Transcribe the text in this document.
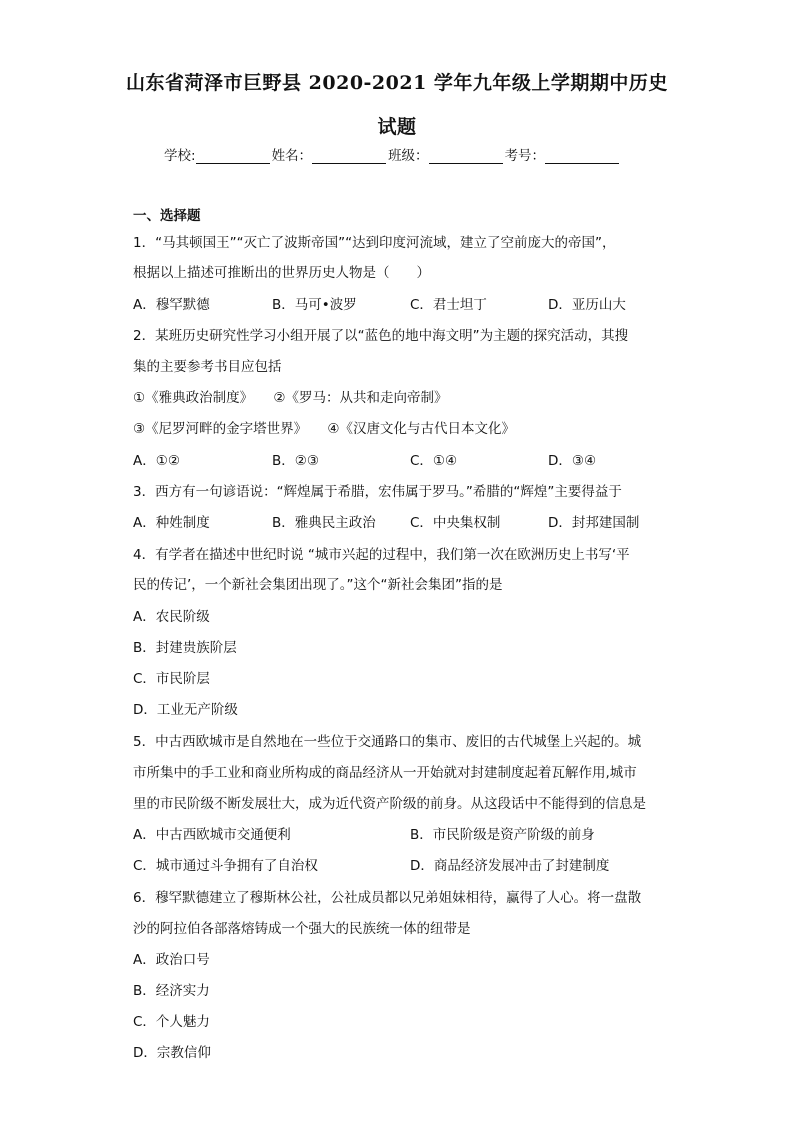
山东省菏泽市巨野县 2020-2021 学年九年级上学期期中历史
试题
学校:	姓名：	班级：	考号：
一、选择题
1．“马其顿国王”“灭亡了波斯帝国”“达到印度河流域，建立了空前庞大的帝国”，
根据以上描述可推断出的世界历史人物是（　　）
A．穆罕默德	B．马可•波罗	C．君士坦丁	D．亚历山大
2．某班历史研究性学习小组开展了以“蓝色的地中海文明”为主题的探究活动，其搜
集的主要参考书目应包括
①《雅典政治制度》　　②《罗马：从共和走向帝制》
③《尼罗河畔的金字塔世界》　　④《汉唐文化与古代日本文化》
A．①②	B．②③	C．①④	D．③④
3．西方有一句谚语说：“辉煌属于希腊，宏伟属于罗马。”希腊的“辉煌”主要得益于
A．种姓制度	B．雅典民主政治	C．中央集权制	D．封邦建国制
4．有学者在描述中世纪时说 “城市兴起的过程中，我们第一次在欧洲历史上书写‘平
民的传记’，一个新社会集团出现了。”这个“新社会集团”指的是
A．农民阶级
B．封建贵族阶层
C．市民阶层
D．工业无产阶级
5．中古西欧城市是自然地在一些位于交通路口的集市、废旧的古代城堡上兴起的。城
市所集中的手工业和商业所构成的商品经济从一开始就对封建制度起着瓦解作用,城市
里的市民阶级不断发展壮大，成为近代资产阶级的前身。从这段话中不能得到的信息是
A．中古西欧城市交通便利	B．市民阶级是资产阶级的前身
C．城市通过斗争拥有了自治权	D．商品经济发展冲击了封建制度
6．穆罕默德建立了穆斯林公社，公社成员都以兄弟姐妹相待，赢得了人心。将一盘散
沙的阿拉伯各部落熔铸成一个强大的民族统一体的纽带是
A．政治口号
B．经济实力
C．个人魅力
D．宗教信仰
